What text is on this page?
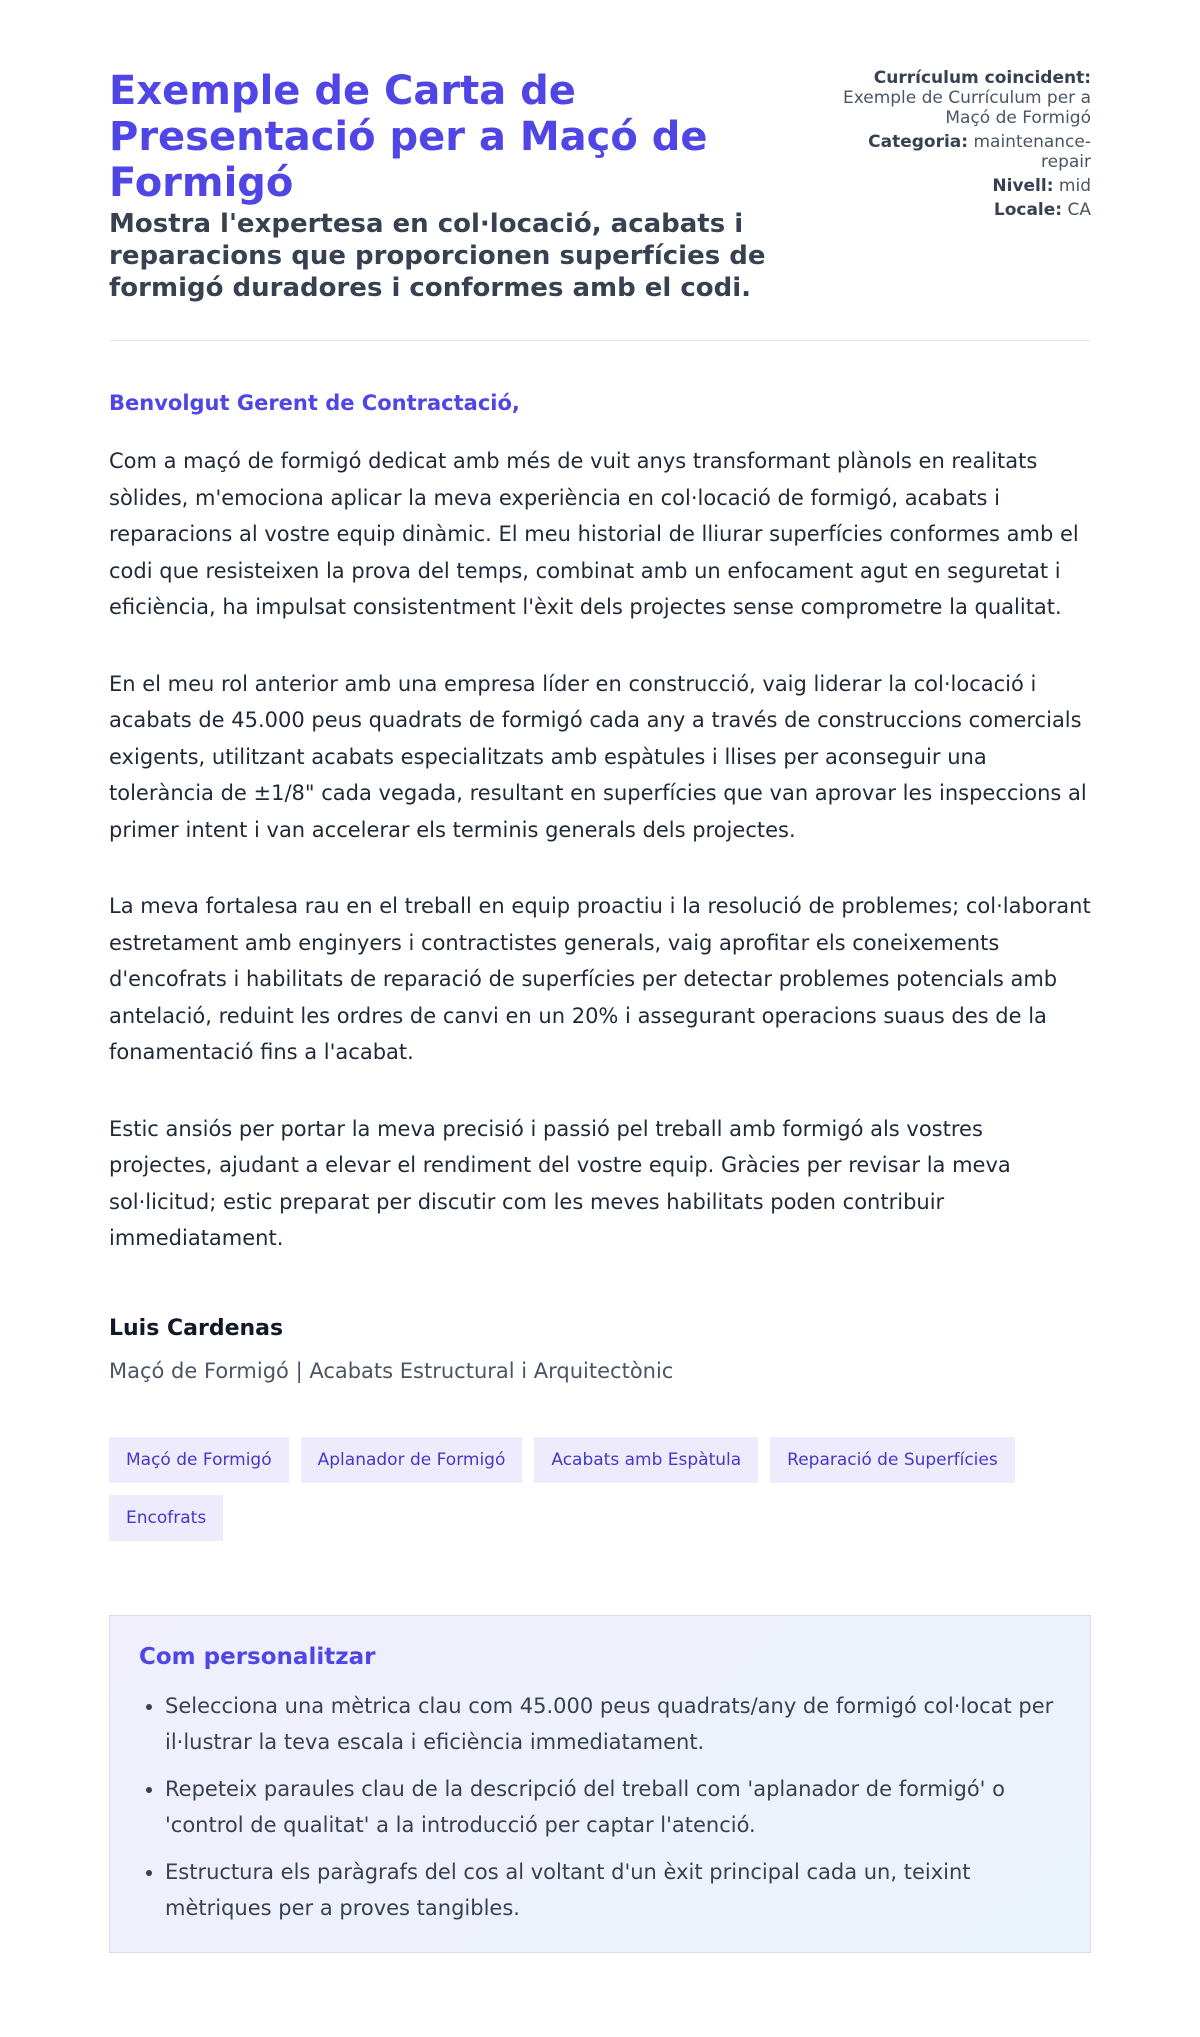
Exemple de Carta de Presentació per a Maçó de Formigó
Mostra l'expertesa en col·locació, acabats i reparacions que proporcionen superfícies de formigó duradores i conformes amb el codi.
Currículum coincident:
Exemple de Currículum per a Maçó de Formigó
Categoria: maintenance-repair
Nivell: mid
Locale: CA

Benvolgut Gerent de Contractació,

Com a maçó de formigó dedicat amb més de vuit anys transformant plànols en realitats sòlides, m'emociona aplicar la meva experiència en col·locació de formigó, acabats i reparacions al vostre equip dinàmic. El meu historial de lliurar superfícies conformes amb el codi que resisteixen la prova del temps, combinat amb un enfocament agut en seguretat i eficiència, ha impulsat consistentment l'èxit dels projectes sense comprometre la qualitat.

En el meu rol anterior amb una empresa líder en construcció, vaig liderar la col·locació i acabats de 45.000 peus quadrats de formigó cada any a través de construccions comercials exigents, utilitzant acabats especialitzats amb espàtules i llises per aconseguir una tolerància de ±1/8" cada vegada, resultant en superfícies que van aprovar les inspeccions al primer intent i van accelerar els terminis generals dels projectes.

La meva fortalesa rau en el treball en equip proactiu i la resolució de problemes; col·laborant estretament amb enginyers i contractistes generals, vaig aprofitar els coneixements d'encofrats i habilitats de reparació de superfícies per detectar problemes potencials amb antelació, reduint les ordres de canvi en un 20% i assegurant operacions suaus des de la fonamentació fins a l'acabat.

Estic ansiós per portar la meva precisió i passió pel treball amb formigó als vostres projectes, ajudant a elevar el rendiment del vostre equip. Gràcies per revisar la meva sol·licitud; estic preparat per discutir com les meves habilitats poden contribuir immediatament.

Luis Cardenas

Maçó de Formigó | Acabats Estructural i Arquitectònic

Maçó de Formigó	Aplanador de Formigó	Acabats amb Espàtula	Reparació de Superfícies
Encofrats
Com personalitzar
• Selecciona una mètrica clau com 45.000 peus quadrats/any de formigó col·locat per il·lustrar la teva escala i eficiència immediatament.
• Repeteix paraules clau de la descripció del treball com 'aplanador de formigó' o 'control de qualitat' a la introducció per captar l'atenció.
• Estructura els paràgrafs del cos al voltant d'un èxit principal cada un, teixint mètriques per a proves tangibles.
